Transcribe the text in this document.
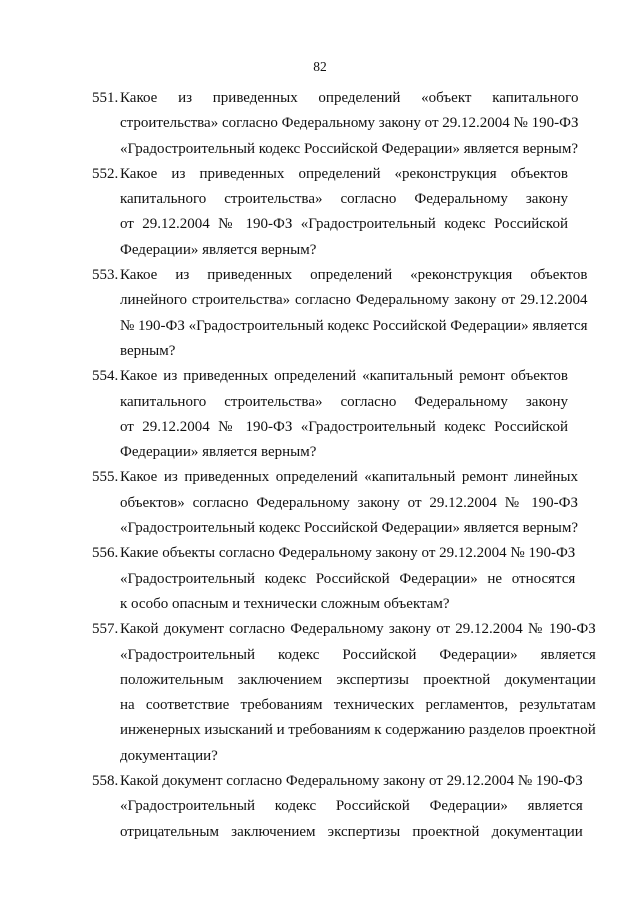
82
551. Какое из приведенных определений «объект капитального
строительства» согласно Федеральному закону от 29.12.2004 № 190-ФЗ
«Градостроительный кодекс Российской Федерации» является верным?
552. Какое из приведенных определений «реконструкция объектов
капитального строительства» согласно Федеральному закону
от 29.12.2004 № 190-ФЗ «Градостроительный кодекс Российской
Федерации» является верным?
553. Какое из приведенных определений «реконструкция объектов
линейного строительства» согласно Федеральному закону от 29.12.2004
№ 190-ФЗ «Градостроительный кодекс Российской Федерации» является
верным?
554. Какое из приведенных определений «капитальный ремонт объектов
капитального строительства» согласно Федеральному закону
от 29.12.2004 № 190-ФЗ «Градостроительный кодекс Российской
Федерации» является верным?
555. Какое из приведенных определений «капитальный ремонт линейных
объектов» согласно Федеральному закону от 29.12.2004 № 190-ФЗ
«Градостроительный кодекс Российской Федерации» является верным?
556. Какие объекты согласно Федеральному закону от 29.12.2004 № 190-ФЗ
«Градостроительный кодекс Российской Федерации» не относятся
к особо опасным и технически сложным объектам?
557. Какой документ согласно Федеральному закону от 29.12.2004 № 190-ФЗ
«Градостроительный кодекс Российской Федерации» является
положительным заключением экспертизы проектной документации
на соответствие требованиям технических регламентов, результатам
инженерных изысканий и требованиям к содержанию разделов проектной
документации?
558. Какой документ согласно Федеральному закону от 29.12.2004 № 190-ФЗ
«Градостроительный кодекс Российской Федерации» является
отрицательным заключением экспертизы проектной документации
